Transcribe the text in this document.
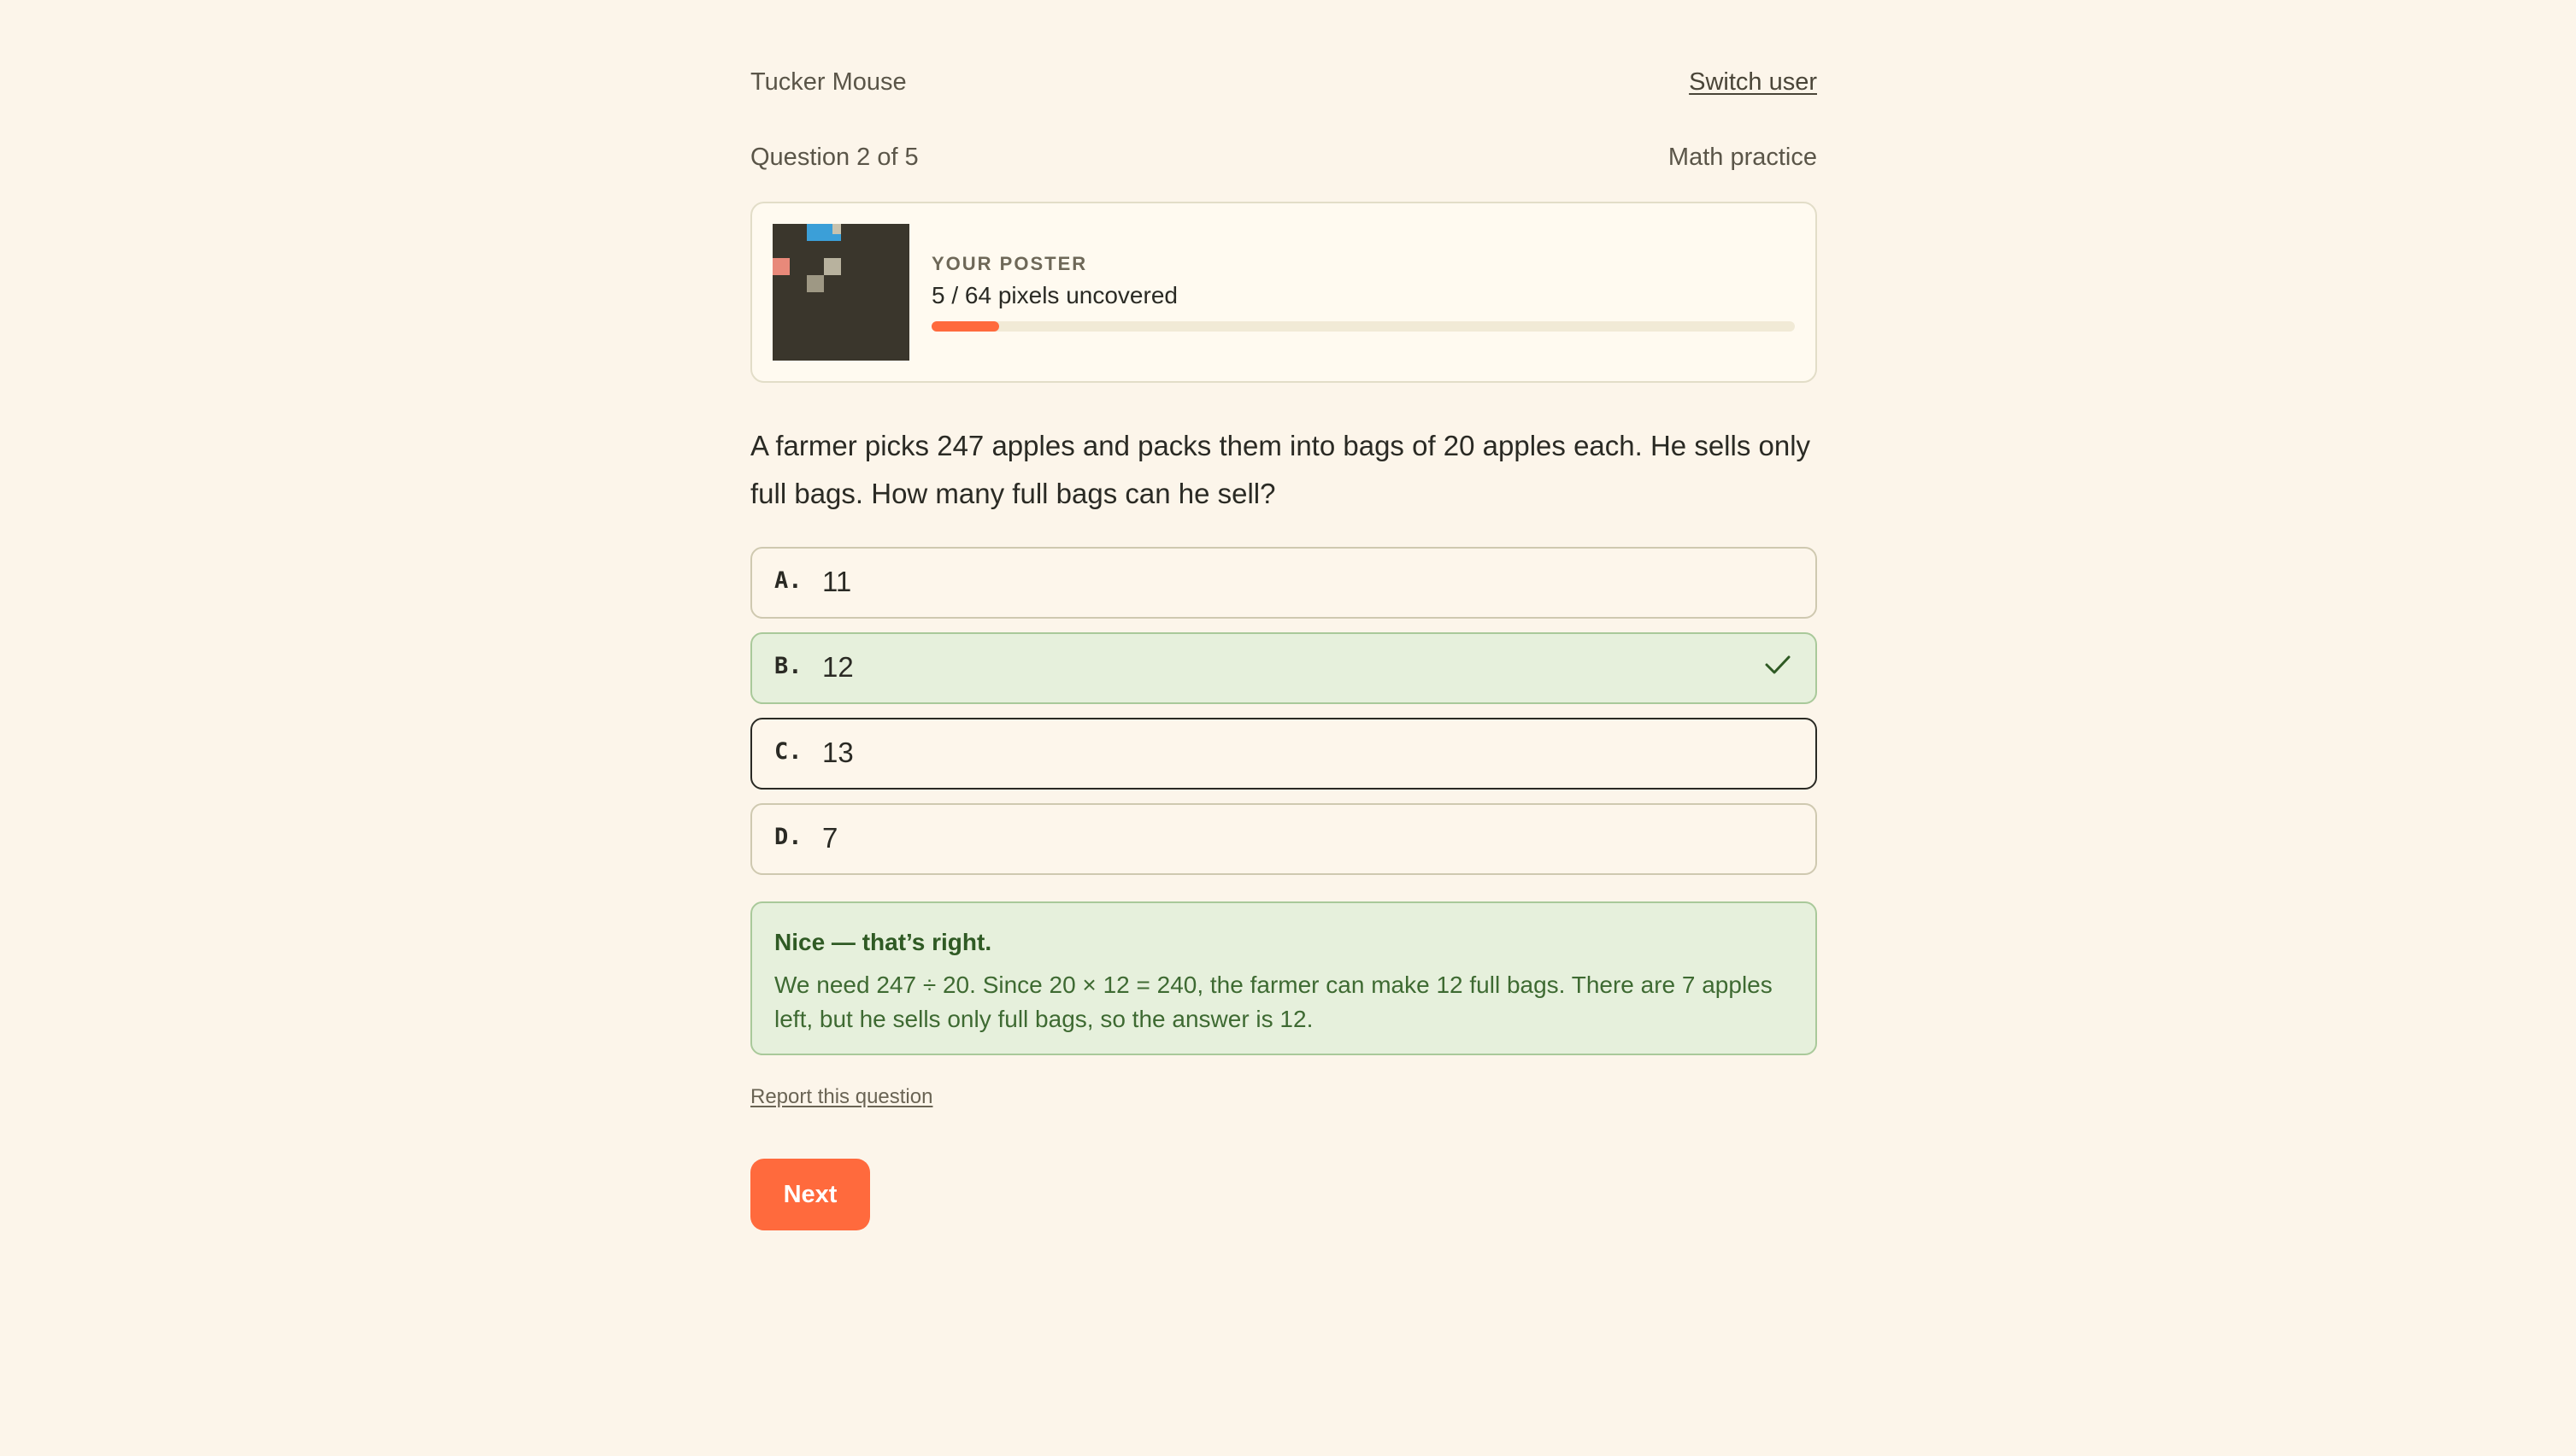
Tucker Mouse	Switch user
Question 2 of 5	Math practice
YOUR POSTER
5 / 64 pixels uncovered
A farmer picks 247 apples and packs them into bags of 20 apples each. He sells only full bags. How many full bags can he sell?
A. 11
B. 12
C. 13
D. 7
Nice — that’s right.
We need 247 ÷ 20. Since 20 × 12 = 240, the farmer can make 12 full bags. There are 7 apples left, but he sells only full bags, so the answer is 12.
Report this question
Next
